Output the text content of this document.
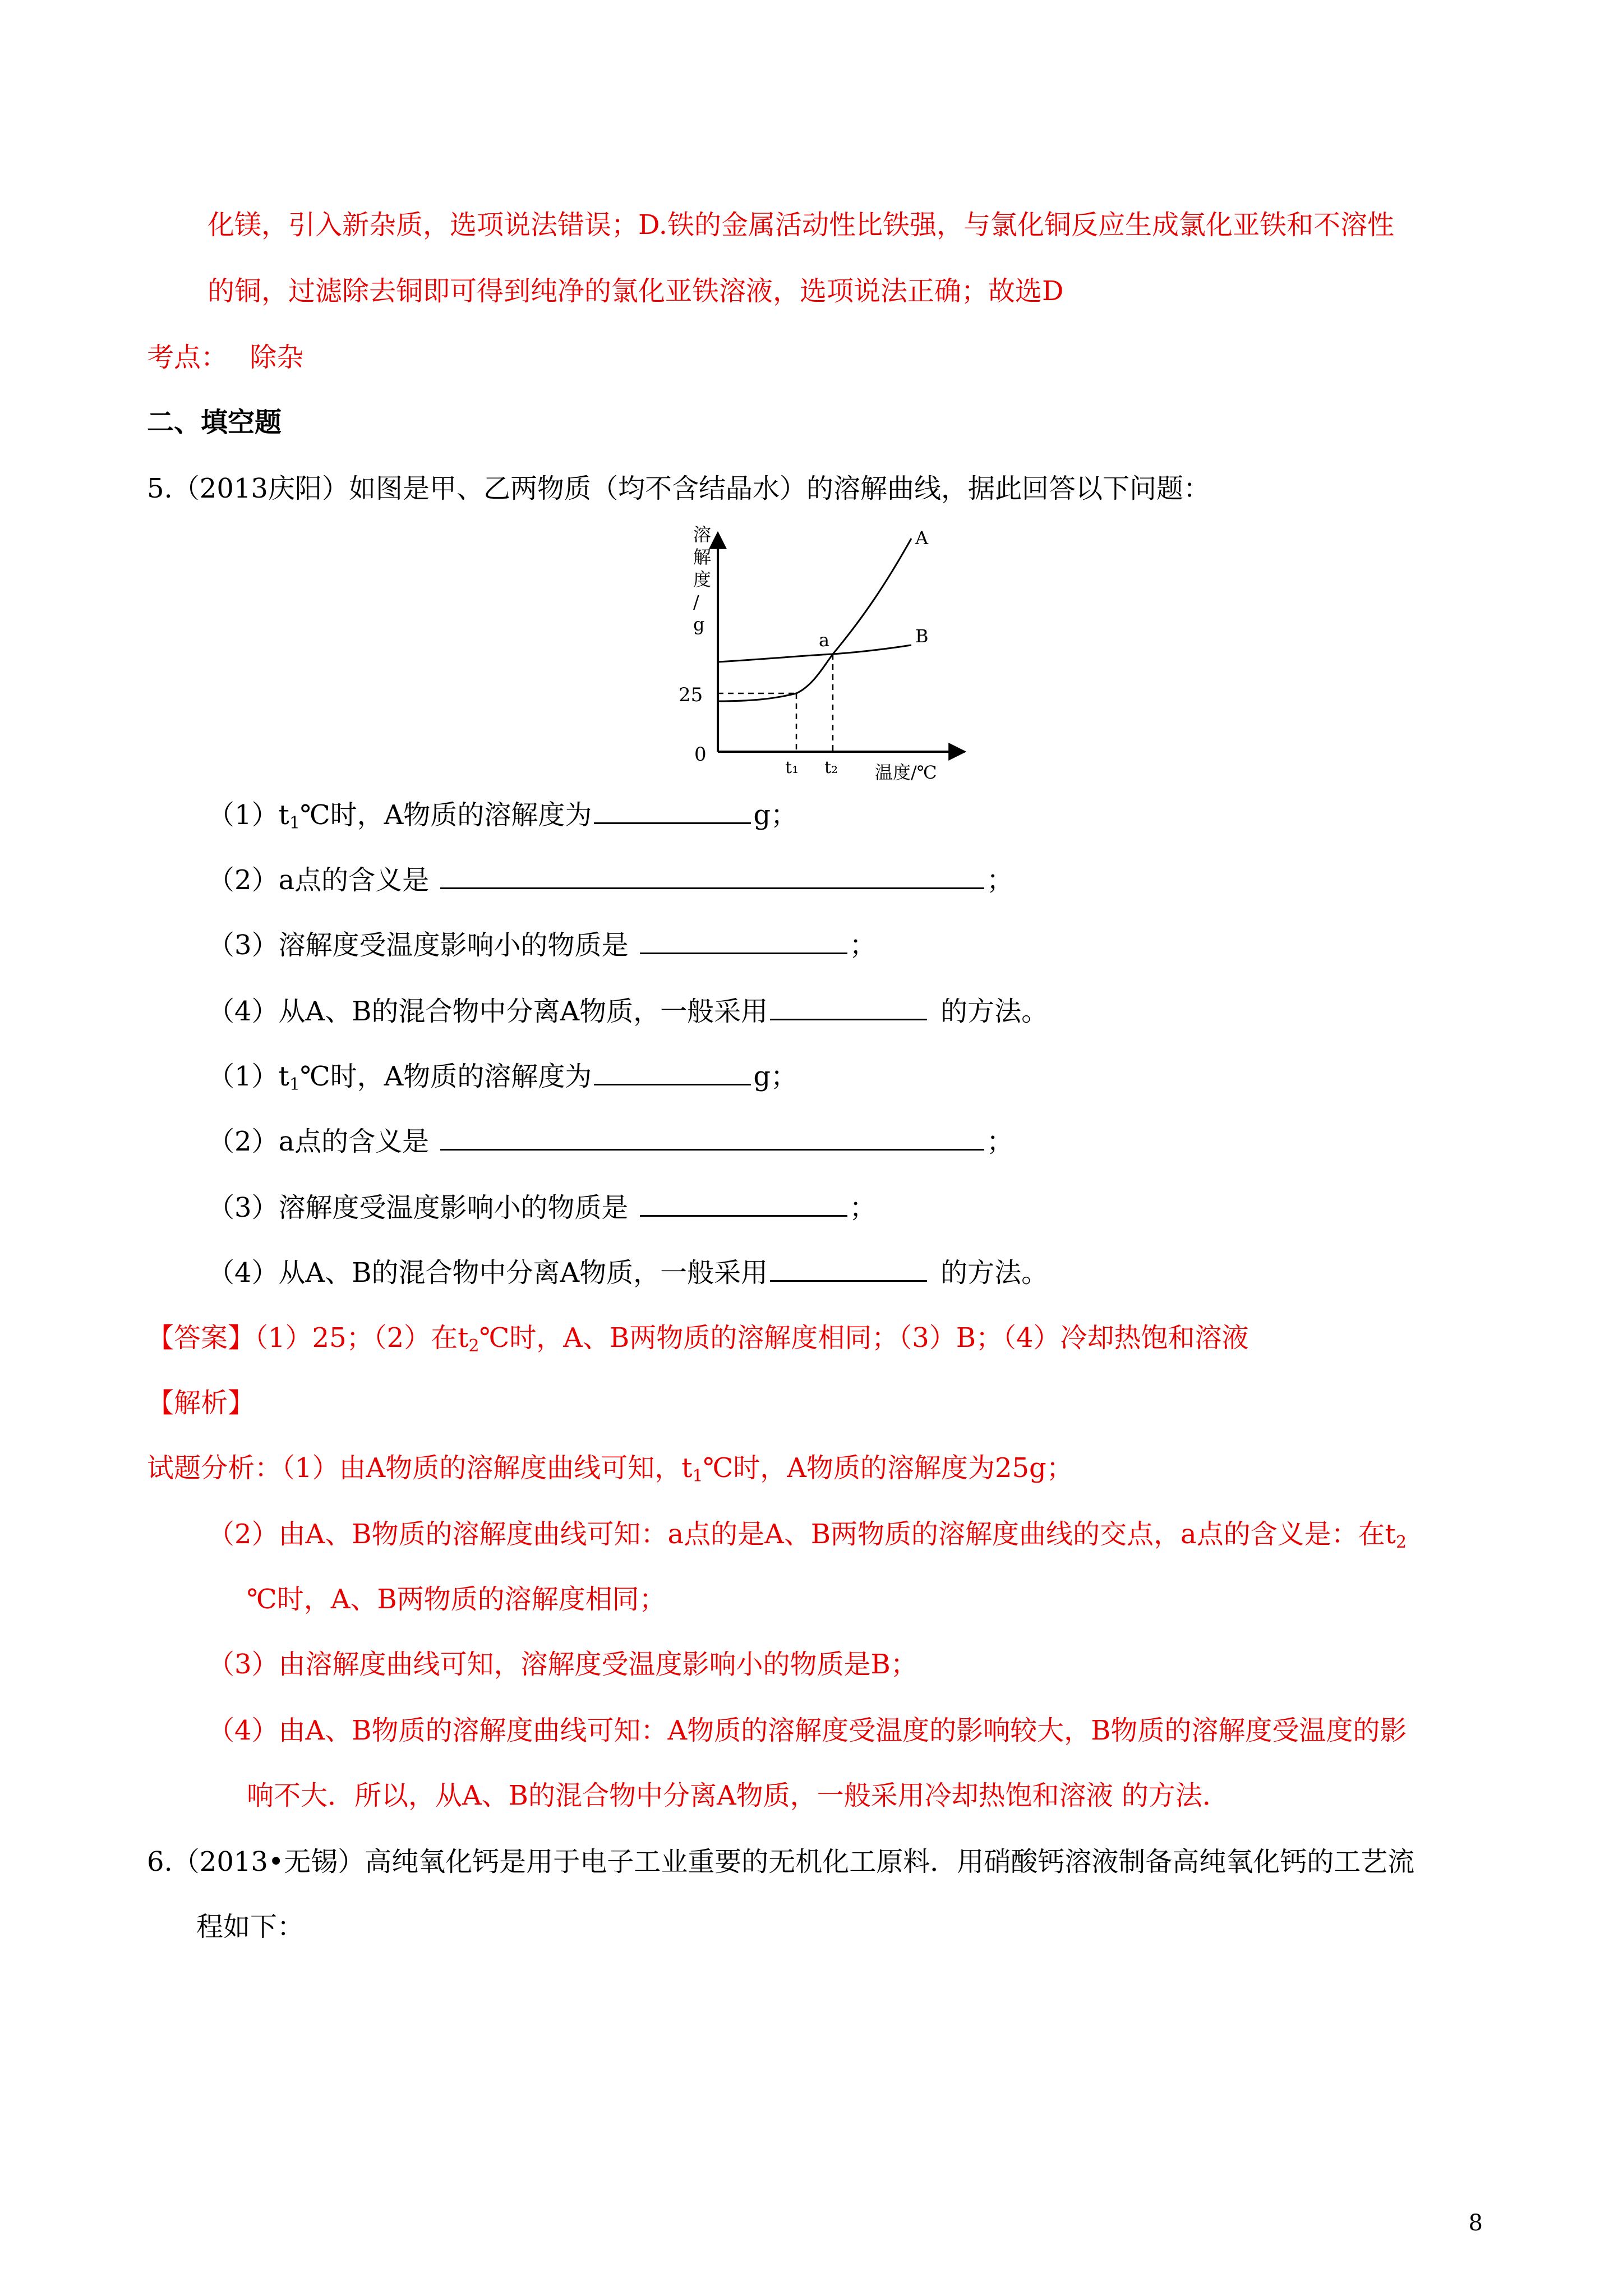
化镁，引入新杂质，选项说法错误；D.铁的金属活动性比铁强，与氯化铜反应生成氯化亚铁和不溶性
的铜，过滤除去铜即可得到纯净的氯化亚铁溶液，选项说法正确；故选D
考点： 除杂
二、填空题
5.（2013庆阳）如图是甲、乙两物质（均不含结晶水）的溶解曲线，据此回答以下问题：
溶解度/ g
0
25
t₁ t₂ 温度/℃
A
B
a
$(1)t_1℃$时，A物质的溶解度为	g；
（2）a点的含义是	；
（3）溶解度受温度影响小的物质是	；
（4）从A、B的混合物中分离A物质，一般采用	的方法。
$(1)t_1℃$时，A物质的溶解度为	g；
（2）a点的含义是	；
（3）溶解度受温度影响小的物质是	；
（4）从A、B的混合物中分离A物质，一般采用	的方法。
【答案】（1）25；（2）在$t_2℃$时，A、B两物质的溶解度相同；（3）B；（4）冷却热饱和溶液
【解析】
试题分析：（1）由A物质的溶解度曲线可知，$t_1℃$时，A物质的溶解度为25g；
（2）由A、B物质的溶解度曲线可知：a点的是A、B两物质的溶解度曲线的交点，a点的含义是：在$t_2$
℃时，A、B两物质的溶解度相同；
（3）由溶解度曲线可知，溶解度受温度影响小的物质是B；
（4）由A、B物质的溶解度曲线可知：A物质的溶解度受温度的影响较大，B物质的溶解度受温度的影
响不大．所以，从A、B的混合物中分离A物质，一般采用冷却热饱和溶液 的方法．
6.（2013•无锡）高纯氧化钙是用于电子工业重要的无机化工原料．用硝酸钙溶液制备高纯氧化钙的工艺流
程如下：
8
